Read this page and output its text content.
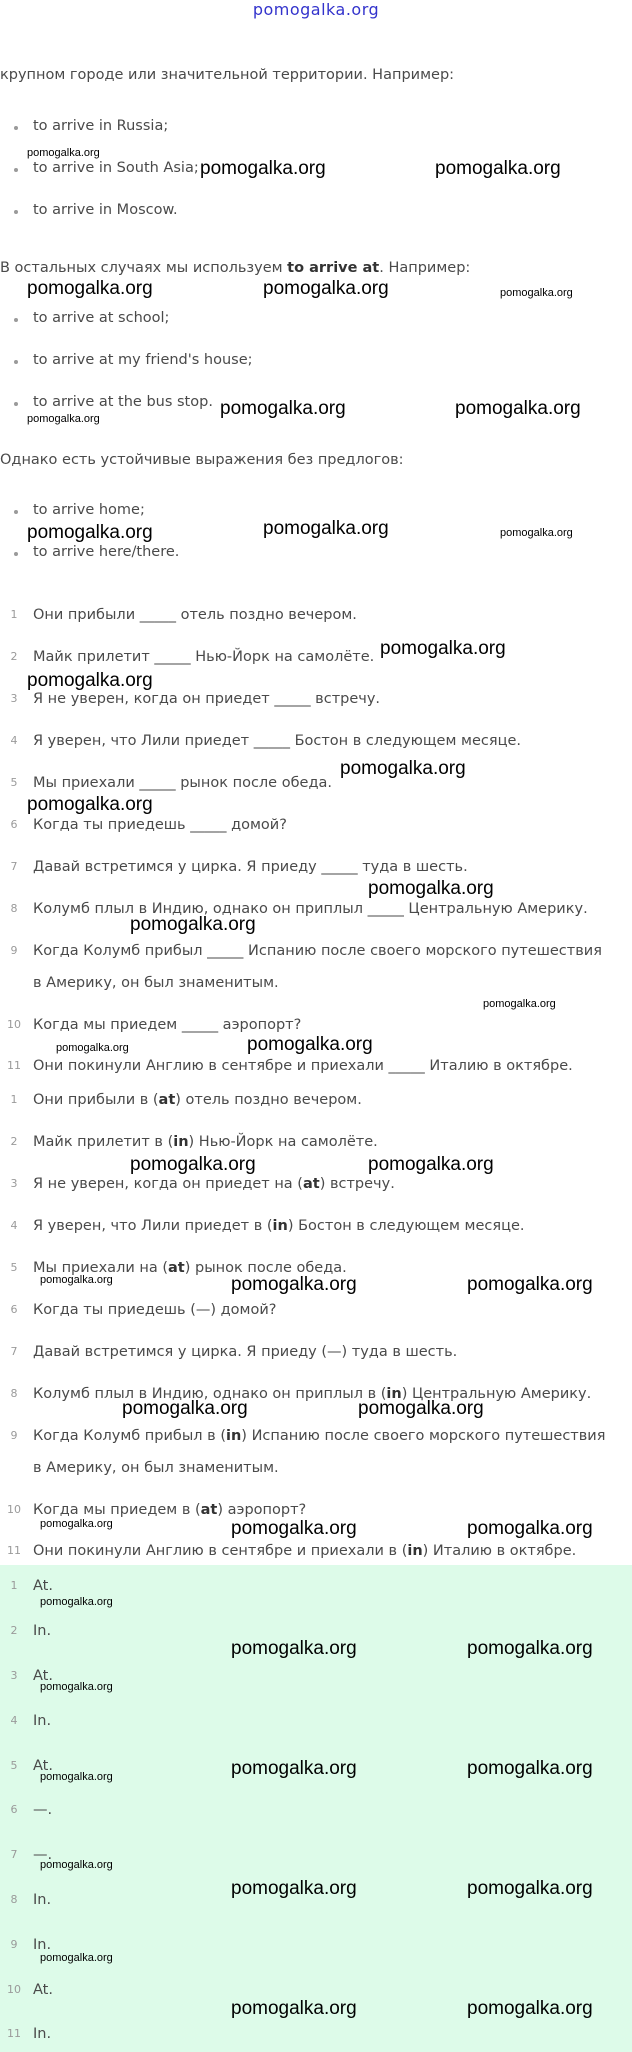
pomogalka.org
крупном городе или значительной территории. Например:
to arrive in Russia;
to arrive in South Asia;
to arrive in Moscow.
В остальных случаях мы используем to arrive at. Например:
to arrive at school;
to arrive at my friend's house;
to arrive at the bus stop.
Однако есть устойчивые выражения без предлогов:
to arrive home;
to arrive here/there.
1	Они прибыли _____ отель поздно вечером.
2	Майк прилетит _____ Нью-Йорк на самолёте.
3	Я не уверен, когда он приедет _____ встречу.
4	Я уверен, что Лили приедет _____ Бостон в следующем месяце.
5	Мы приехали _____ рынок после обеда.
6	Когда ты приедешь _____ домой?
7	Давай встретимся у цирка. Я приеду _____ туда в шесть.
8	Колумб плыл в Индию, однако он приплыл _____ Центральную Америку.
9	Когда Колумб прибыл _____ Испанию после своего морского путешествия
в Америку, он был знаменитым.
10 Когда мы приедем _____ аэропорт?
11 Они покинули Англию в сентябре и приехали _____ Италию в октябре.
1	Они прибыли в (at) отель поздно вечером.
2	Майк прилетит в (in) Нью-Йорк на самолёте.
3	Я не уверен, когда он приедет на (at) встречу.
4	Я уверен, что Лили приедет в (in) Бостон в следующем месяце.
5	Мы приехали на (at) рынок после обеда.
6	Когда ты приедешь (—) домой?
7	Давай встретимся у цирка. Я приеду (—) туда в шесть.
8	Колумб плыл в Индию, однако он приплыл в (in) Центральную Америку.
9	Когда Колумб прибыл в (in) Испанию после своего морского путешествия
в Америку, он был знаменитым.
10 Когда мы приедем в (at) аэропорт?
11 Они покинули Англию в сентябре и приехали в (in) Италию в октябре.
1	At.
2	In.
3	At.
4	In.
5	At.
6	—.
7	—.
8	In.
9	In.
10 At.
11 In.
pomogalka.org
pomogalka.org	pomogalka.org
pomogalka.org	pomogalka.org	pomogalka.org
pomogalka.org	pomogalka.org	pomogalka.org
pomogalka.org	pomogalka.org	pomogalka.org
pomogalka.org
pomogalka.org
pomogalka.org
pomogalka.org
pomogalka.org
pomogalka.org
pomogalka.org
pomogalka.org	pomogalka.org
pomogalka.org	pomogalka.org
pomogalka.org	pomogalka.org	pomogalka.org
pomogalka.org	pomogalka.org
pomogalka.org	pomogalka.org	pomogalka.org
pomogalka.org
pomogalka.org	pomogalka.org
pomogalka.org
pomogalka.org	pomogalka.org	pomogalka.org
pomogalka.org
pomogalka.org	pomogalka.org
pomogalka.org
pomogalka.org	pomogalka.org
